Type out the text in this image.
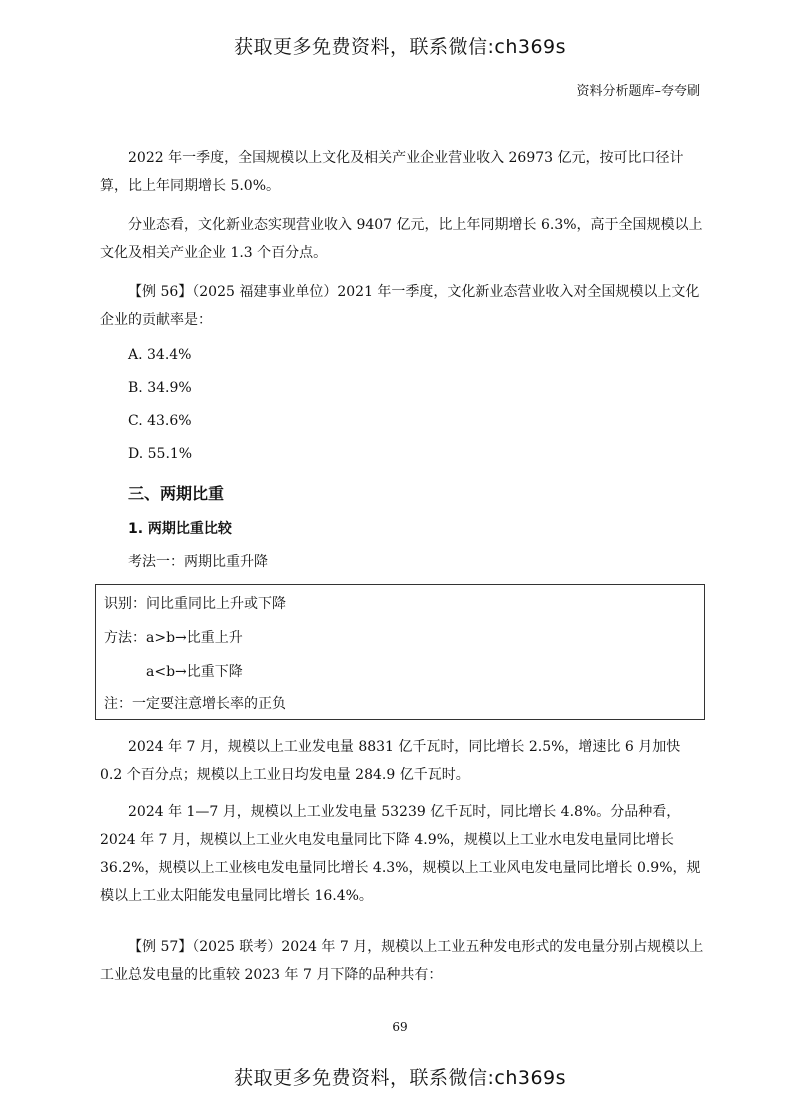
获取更多免费资料，联系微信:ch369s
资料分析题库–夸夸刷
2022 年一季度，全国规模以上文化及相关产业企业营业收入 26973 亿元，按可比口径计算，比上年同期增长 5.0%。
分业态看，文化新业态实现营业收入 9407 亿元，比上年同期增长 6.3%，高于全国规模以上文化及相关产业企业 1.3 个百分点。
【例 56】（2025 福建事业单位）2021 年一季度，文化新业态营业收入对全国规模以上文化企业的贡献率是：
A. 34.4%
B. 34.9%
C. 43.6%
D. 55.1%
三、两期比重
1. 两期比重比较
考法一：两期比重升降
识别：问比重同比上升或下降
方法：a>b→比重上升
a<b→比重下降
注：一定要注意增长率的正负
2024 年 7 月，规模以上工业发电量 8831 亿千瓦时，同比增长 2.5%，增速比 6 月加快 0.2 个百分点；规模以上工业日均发电量 284.9 亿千瓦时。
2024 年 1—7 月，规模以上工业发电量 53239 亿千瓦时，同比增长 4.8%。分品种看，2024 年 7 月，规模以上工业火电发电量同比下降 4.9%，规模以上工业水电发电量同比增长 36.2%，规模以上工业核电发电量同比增长 4.3%，规模以上工业风电发电量同比增长 0.9%，规模以上工业太阳能发电量同比增长 16.4%。
【例 57】（2025 联考）2024 年 7 月，规模以上工业五种发电形式的发电量分别占规模以上工业总发电量的比重较 2023 年 7 月下降的品种共有：
69
获取更多免费资料，联系微信:ch369s
